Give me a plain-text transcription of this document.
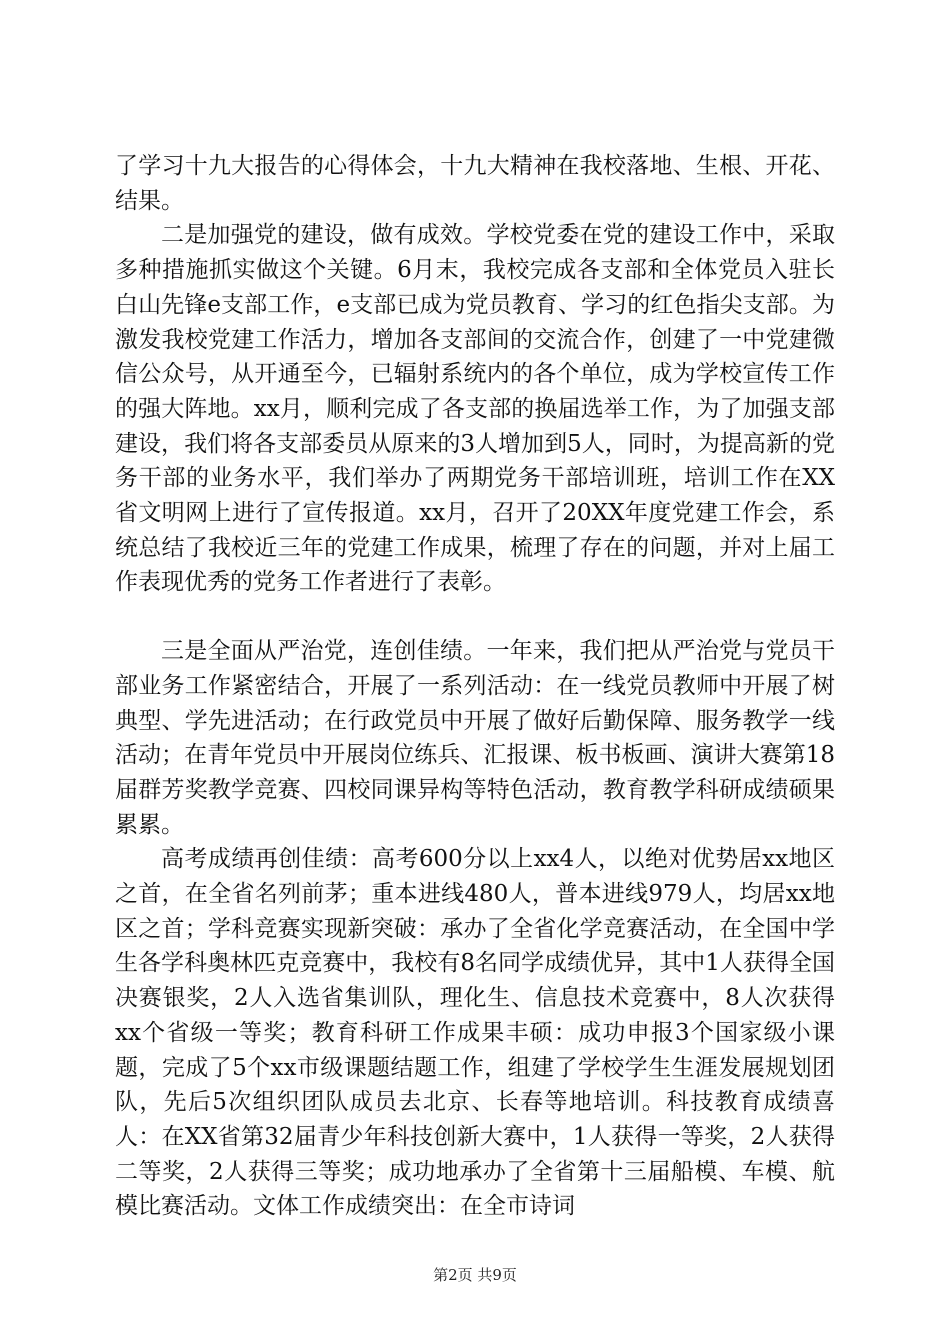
了学习十九大报告的心得体会，十九大精神在我校落地、生根、开花、结果。

二是加强党的建设，做有成效。学校党委在党的建设工作中，采取多种措施抓实做这个关键。6月末，我校完成各支部和全体党员入驻长白山先锋e支部工作，e支部已成为党员教育、学习的红色指尖支部。为激发我校党建工作活力，增加各支部间的交流合作，创建了一中党建微信公众号，从开通至今，已辐射系统内的各个单位，成为学校宣传工作的强大阵地。xx月，顺利完成了各支部的换届选举工作，为了加强支部建设，我们将各支部委员从原来的3人增加到5人，同时，为提高新的党务干部的业务水平，我们举办了两期党务干部培训班，培训工作在XX省文明网上进行了宣传报道。xx月，召开了20XX年度党建工作会，系统总结了我校近三年的党建工作成果，梳理了存在的问题，并对上届工作表现优秀的党务工作者进行了表彰。

三是全面从严治党，连创佳绩。一年来，我们把从严治党与党员干部业务工作紧密结合，开展了一系列活动：在一线党员教师中开展了树典型、学先进活动；在行政党员中开展了做好后勤保障、服务教学一线活动；在青年党员中开展岗位练兵、汇报课、板书板画、演讲大赛第18届群芳奖教学竞赛、四校同课异构等特色活动，教育教学科研成绩硕果累累。

高考成绩再创佳绩：高考600分以上xx4人，以绝对优势居xx地区之首，在全省名列前茅；重本进线480人，普本进线979人，均居xx地区之首；学科竞赛实现新突破：承办了全省化学竞赛活动，在全国中学生各学科奥林匹克竞赛中，我校有8名同学成绩优异，其中1人获得全国决赛银奖，2人入选省集训队，理化生、信息技术竞赛中，8人次获得xx个省级一等奖；教育科研工作成果丰硕：成功申报3个国家级小课题，完成了5个xx市级课题结题工作，组建了学校学生生涯发展规划团队，先后5次组织团队成员去北京、长春等地培训。科技教育成绩喜人：在XX省第32届青少年科技创新大赛中，1人获得一等奖，2人获得二等奖，2人获得三等奖；成功地承办了全省第十三届船模、车模、航模比赛活动。文体工作成绩突出：在全市诗词

第2页 共9页
